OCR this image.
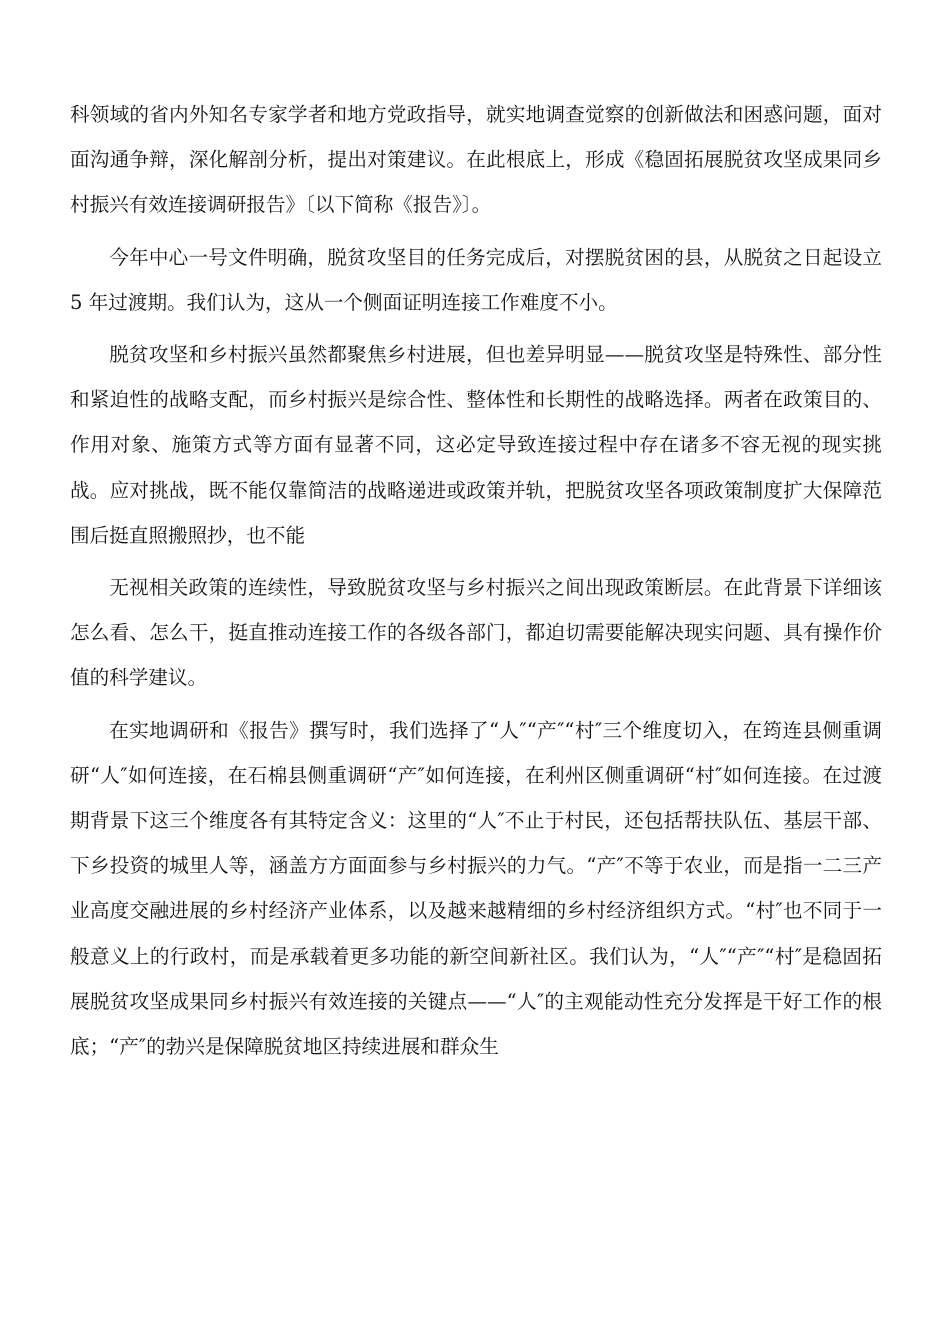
科领域的省内外知名专家学者和地方党政指导，就实地调查觉察的创新做法和困惑问题，面对面沟通争辩，深化解剖分析，提出对策建议。在此根底上，形成《稳固拓展脱贫攻坚成果同乡村振兴有效连接调研报告》〔以下简称《报告》〕。

今年中心一号文件明确，脱贫攻坚目的任务完成后，对摆脱贫困的县，从脱贫之日起设立 5 年过渡期。我们认为，这从一个侧面证明连接工作难度不小。

脱贫攻坚和乡村振兴虽然都聚焦乡村进展，但也差异明显——脱贫攻坚是特殊性、部分性和紧迫性的战略支配，而乡村振兴是综合性、整体性和长期性的战略选择。两者在政策目的、作用对象、施策方式等方面有显著不同，这必定导致连接过程中存在诸多不容无视的现实挑战。应对挑战，既不能仅靠简洁的战略递进或政策并轨，把脱贫攻坚各项政策制度扩大保障范围后挺直照搬照抄，也不能

无视相关政策的连续性，导致脱贫攻坚与乡村振兴之间出现政策断层。在此背景下详细该怎么看、怎么干，挺直推动连接工作的各级各部门，都迫切需要能解决现实问题、具有操作价值的科学建议。

在实地调研和《报告》撰写时，我们选择了“人″“产″“村″三个维度切入，在筠连县侧重调研“人″如何连接，在石棉县侧重调研“产″如何连接，在利州区侧重调研“村″如何连接。在过渡期背景下这三个维度各有其特定含义：这里的“人″不止于村民，还包括帮扶队伍、基层干部、下乡投资的城里人等，涵盖方方面面参与乡村振兴的力气。“产″不等于农业，而是指一二三产业高度交融进展的乡村经济产业体系，以及越来越精细的乡村经济组织方式。“村″也不同于一般意义上的行政村，而是承载着更多功能的新空间新社区。我们认为，“人″“产″“村″是稳固拓展脱贫攻坚成果同乡村振兴有效连接的关键点——“人″的主观能动性充分发挥是干好工作的根底；“产″的勃兴是保障脱贫地区持续进展和群众生
